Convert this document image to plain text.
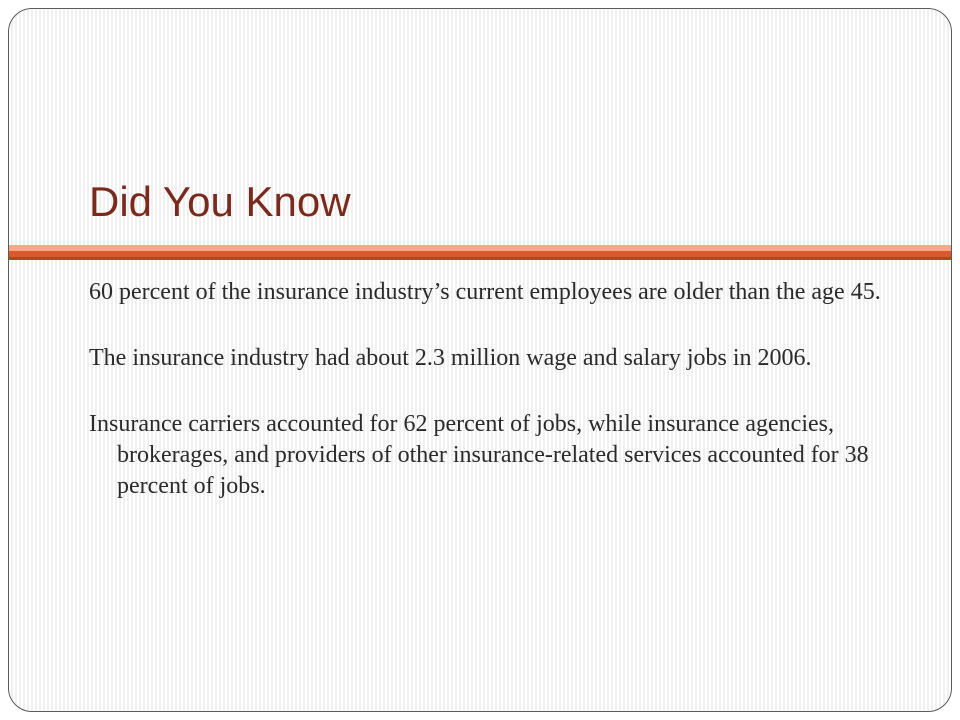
Did You Know
60 percent of the insurance industry’s current employees are older than the age 45.
The insurance industry had about 2.3 million wage and salary jobs in 2006.
Insurance carriers accounted for 62 percent of jobs, while insurance agencies, brokerages, and providers of other insurance-related services accounted for 38 percent of jobs.
